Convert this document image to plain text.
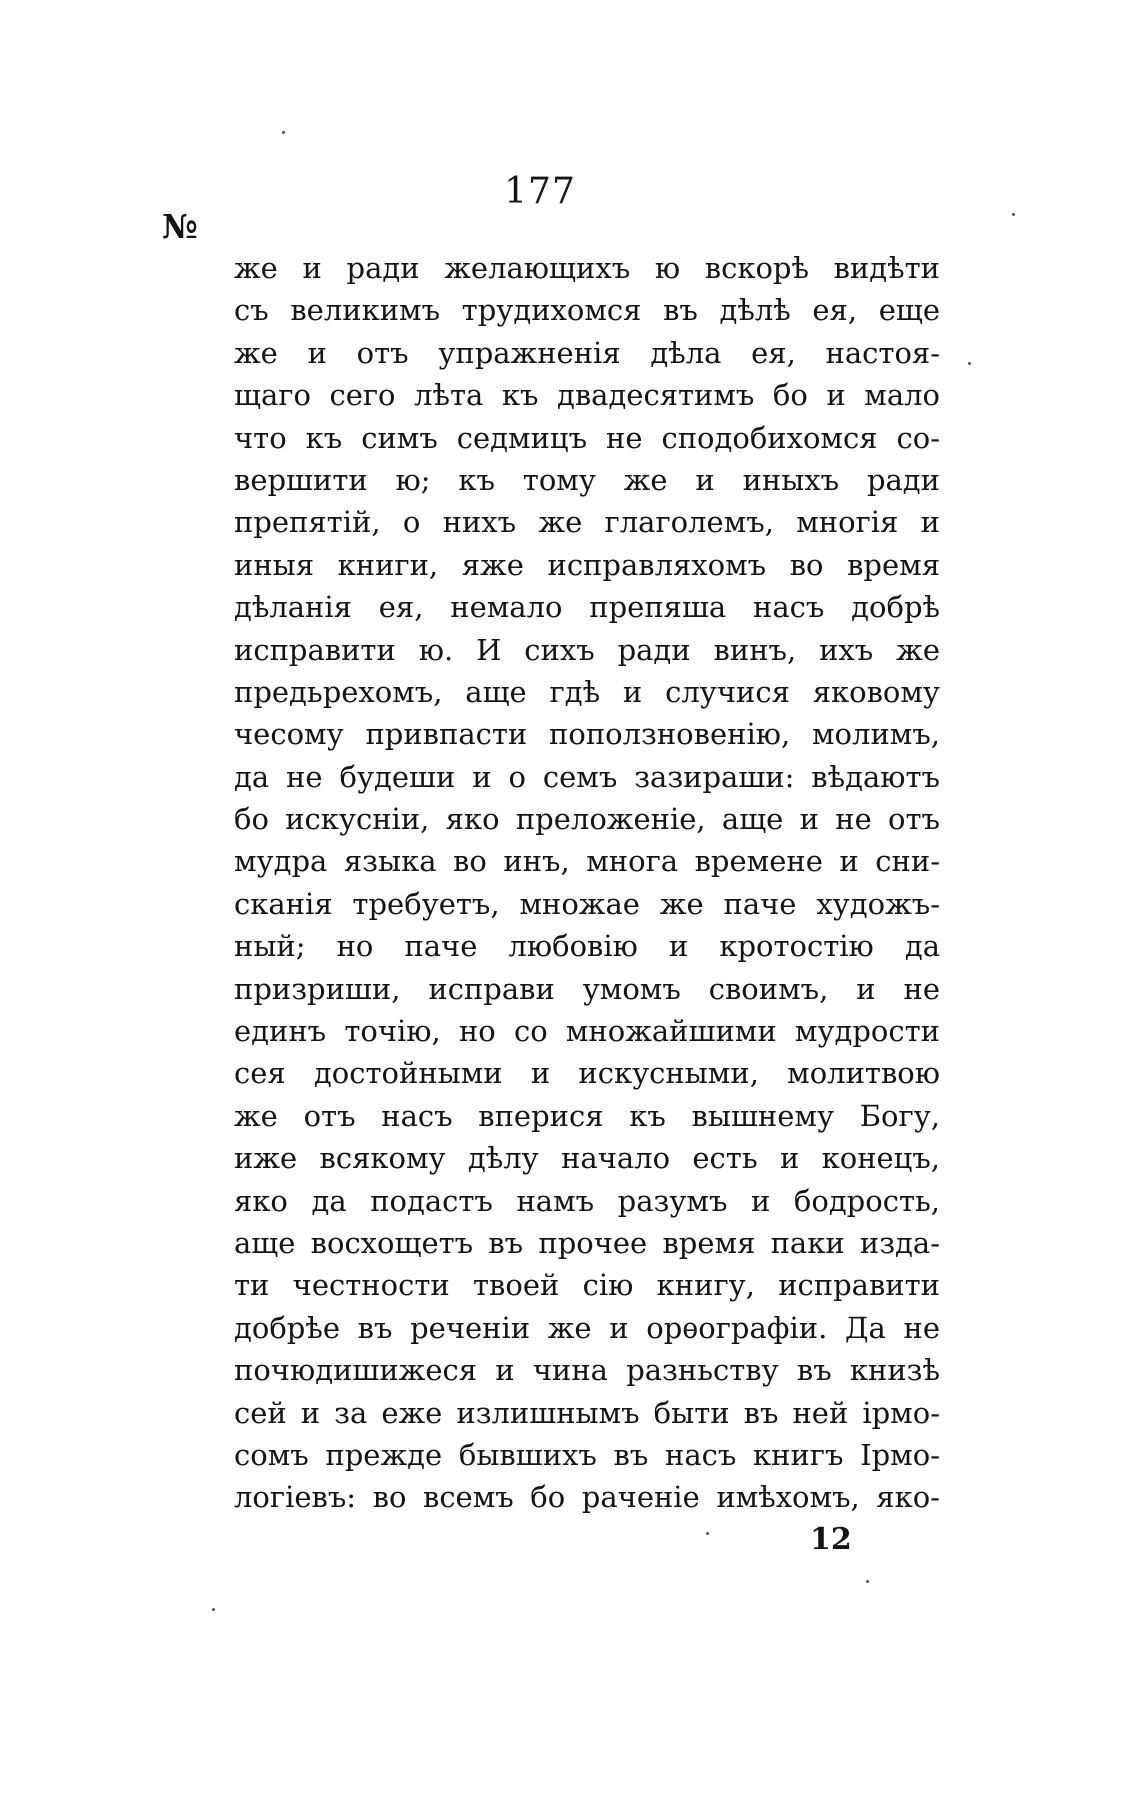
177
№
же и ради желающихъ ю вскорѣ видѣти
съ великимъ трудихомся въ дѣлѣ ея, еще
же и отъ упражненія дѣла ея, настоя-
щаго сего лѣта къ двадесятимъ бо и мало
что къ симъ седмицъ не сподобихомся со-
вершити ю; къ тому же и иныхъ ради
препятій, о нихъ же глаголемъ, многія и
иныя книги, яже исправляхомъ во время
дѣланія ея, немало препяша насъ добрѣ
исправити ю. И сихъ ради винъ, ихъ же
предьрехомъ, аще гдѣ и случися яковому
чесому привпасти поползновенію, молимъ,
да не будеши и о семъ зазираши: вѣдаютъ
бо искусніи, яко преложеніе, аще и не отъ
мудра языка во инъ, многа времене и сни-
сканія требуетъ, множае же паче художъ-
ный; но паче любовію и кротостію да
призриши, исправи умомъ своимъ, и не
единъ точію, но со множайшими мудрости
сея достойными и искусными, молитвою
же отъ насъ вперися къ вышнему Богу,
иже всякому дѣлу начало есть и конецъ,
яко да подастъ намъ разумъ и бодрость,
аще восхощетъ въ прочее время паки изда-
ти честности твоей сію книгу, исправити
добрѣе въ реченіи же и орѳографіи. Да не
почюдишижеся и чина разньству въ книзѣ
сей и за еже излишнымъ быти въ ней ірмо-
сомъ прежде бывшихъ въ насъ книгъ Ірмо-
логіевъ: во всемъ бо раченіе имѣхомъ, яко-
12
